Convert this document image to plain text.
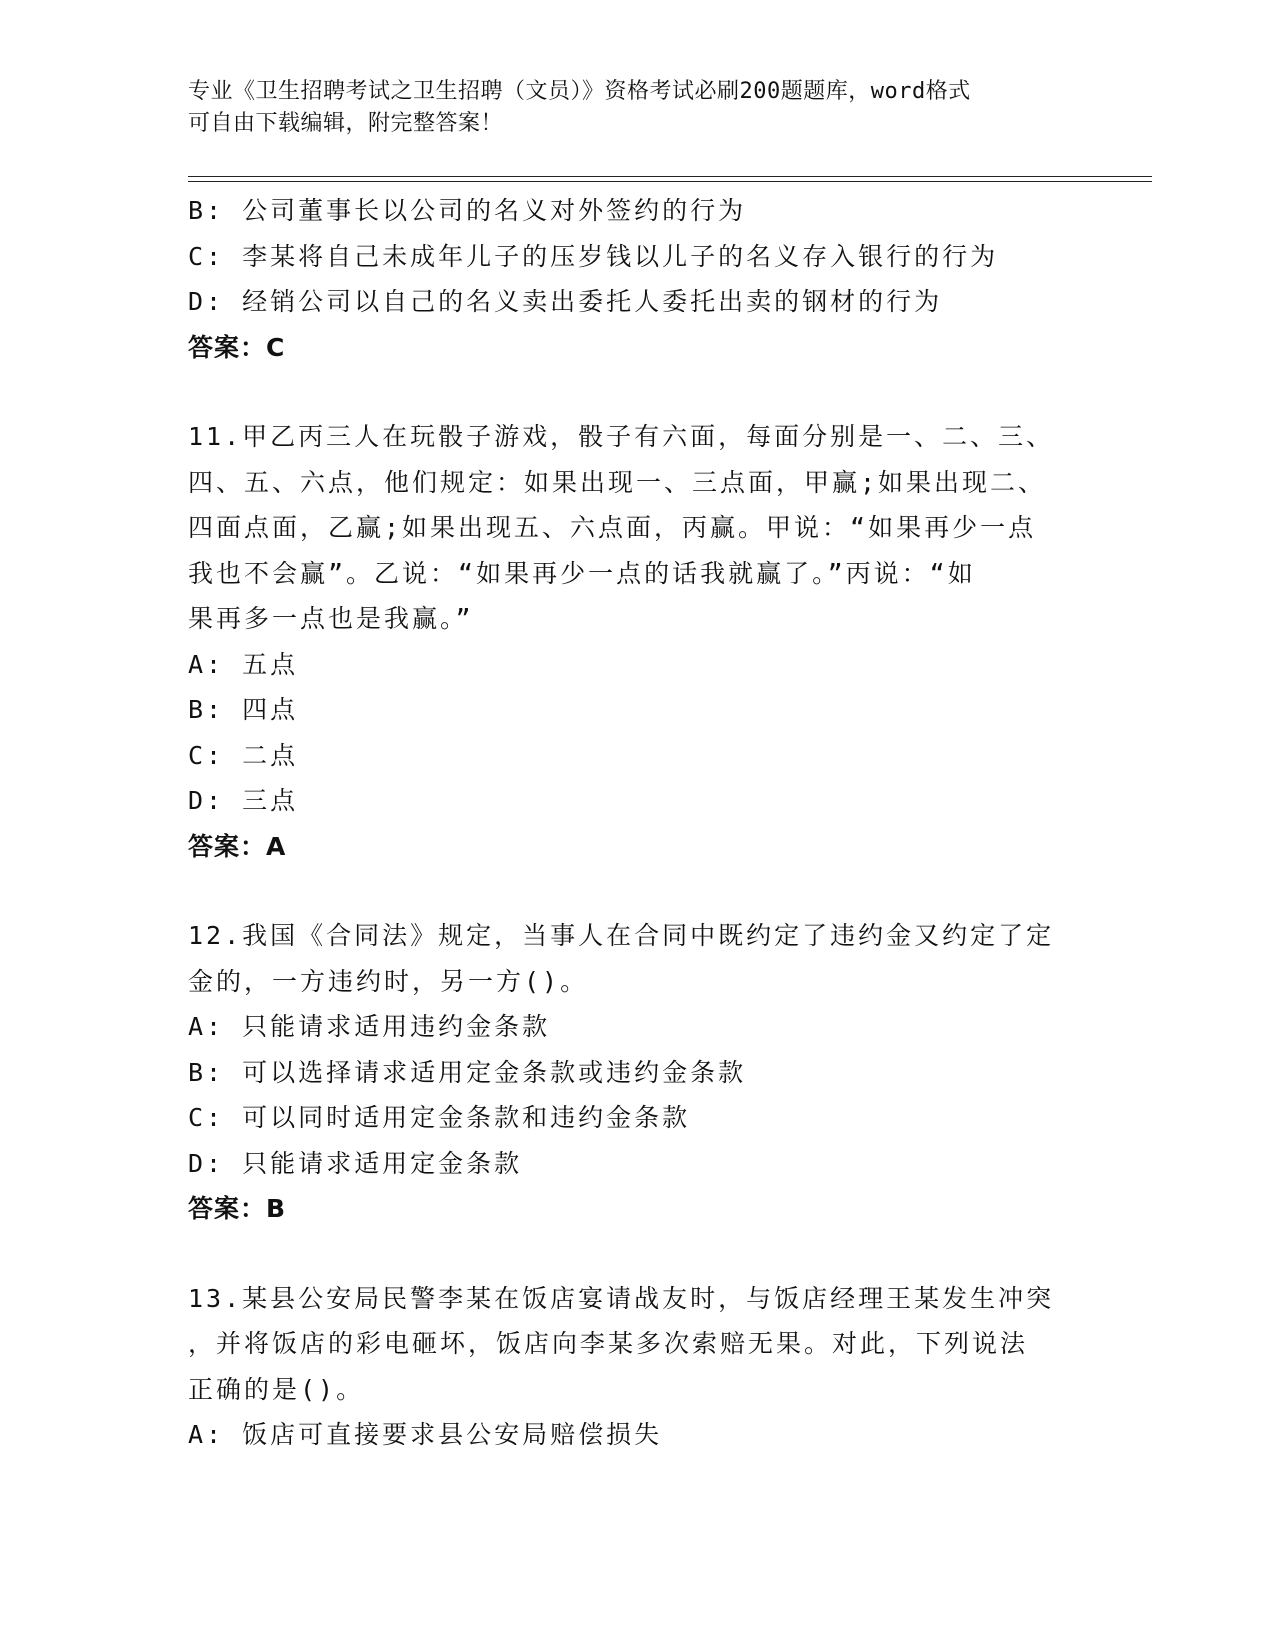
专业《卫生招聘考试之卫生招聘（文员）》资格考试必刷200题题库，word格式
可自由下载编辑，附完整答案！
B: 公司董事长以公司的名义对外签约的行为
C: 李某将自己未成年儿子的压岁钱以儿子的名义存入银行的行为
D: 经销公司以自己的名义卖出委托人委托出卖的钢材的行为
答案：C
11.甲乙丙三人在玩骰子游戏，骰子有六面，每面分别是一、二、三、
四、五、六点，他们规定：如果出现一、三点面，甲赢;如果出现二、
四面点面，乙赢;如果出现五、六点面，丙赢。甲说：“如果再少一点
我也不会赢”。乙说：“如果再少一点的话我就赢了。”丙说：“如
果再多一点也是我赢。”
A: 五点
B: 四点
C: 二点
D: 三点
答案：A
12.我国《合同法》规定，当事人在合同中既约定了违约金又约定了定
金的，一方违约时，另一方()。
A: 只能请求适用违约金条款
B: 可以选择请求适用定金条款或违约金条款
C: 可以同时适用定金条款和违约金条款
D: 只能请求适用定金条款
答案：B
13.某县公安局民警李某在饭店宴请战友时，与饭店经理王某发生冲突
，并将饭店的彩电砸坏，饭店向李某多次索赔无果。对此，下列说法
正确的是()。
A: 饭店可直接要求县公安局赔偿损失
